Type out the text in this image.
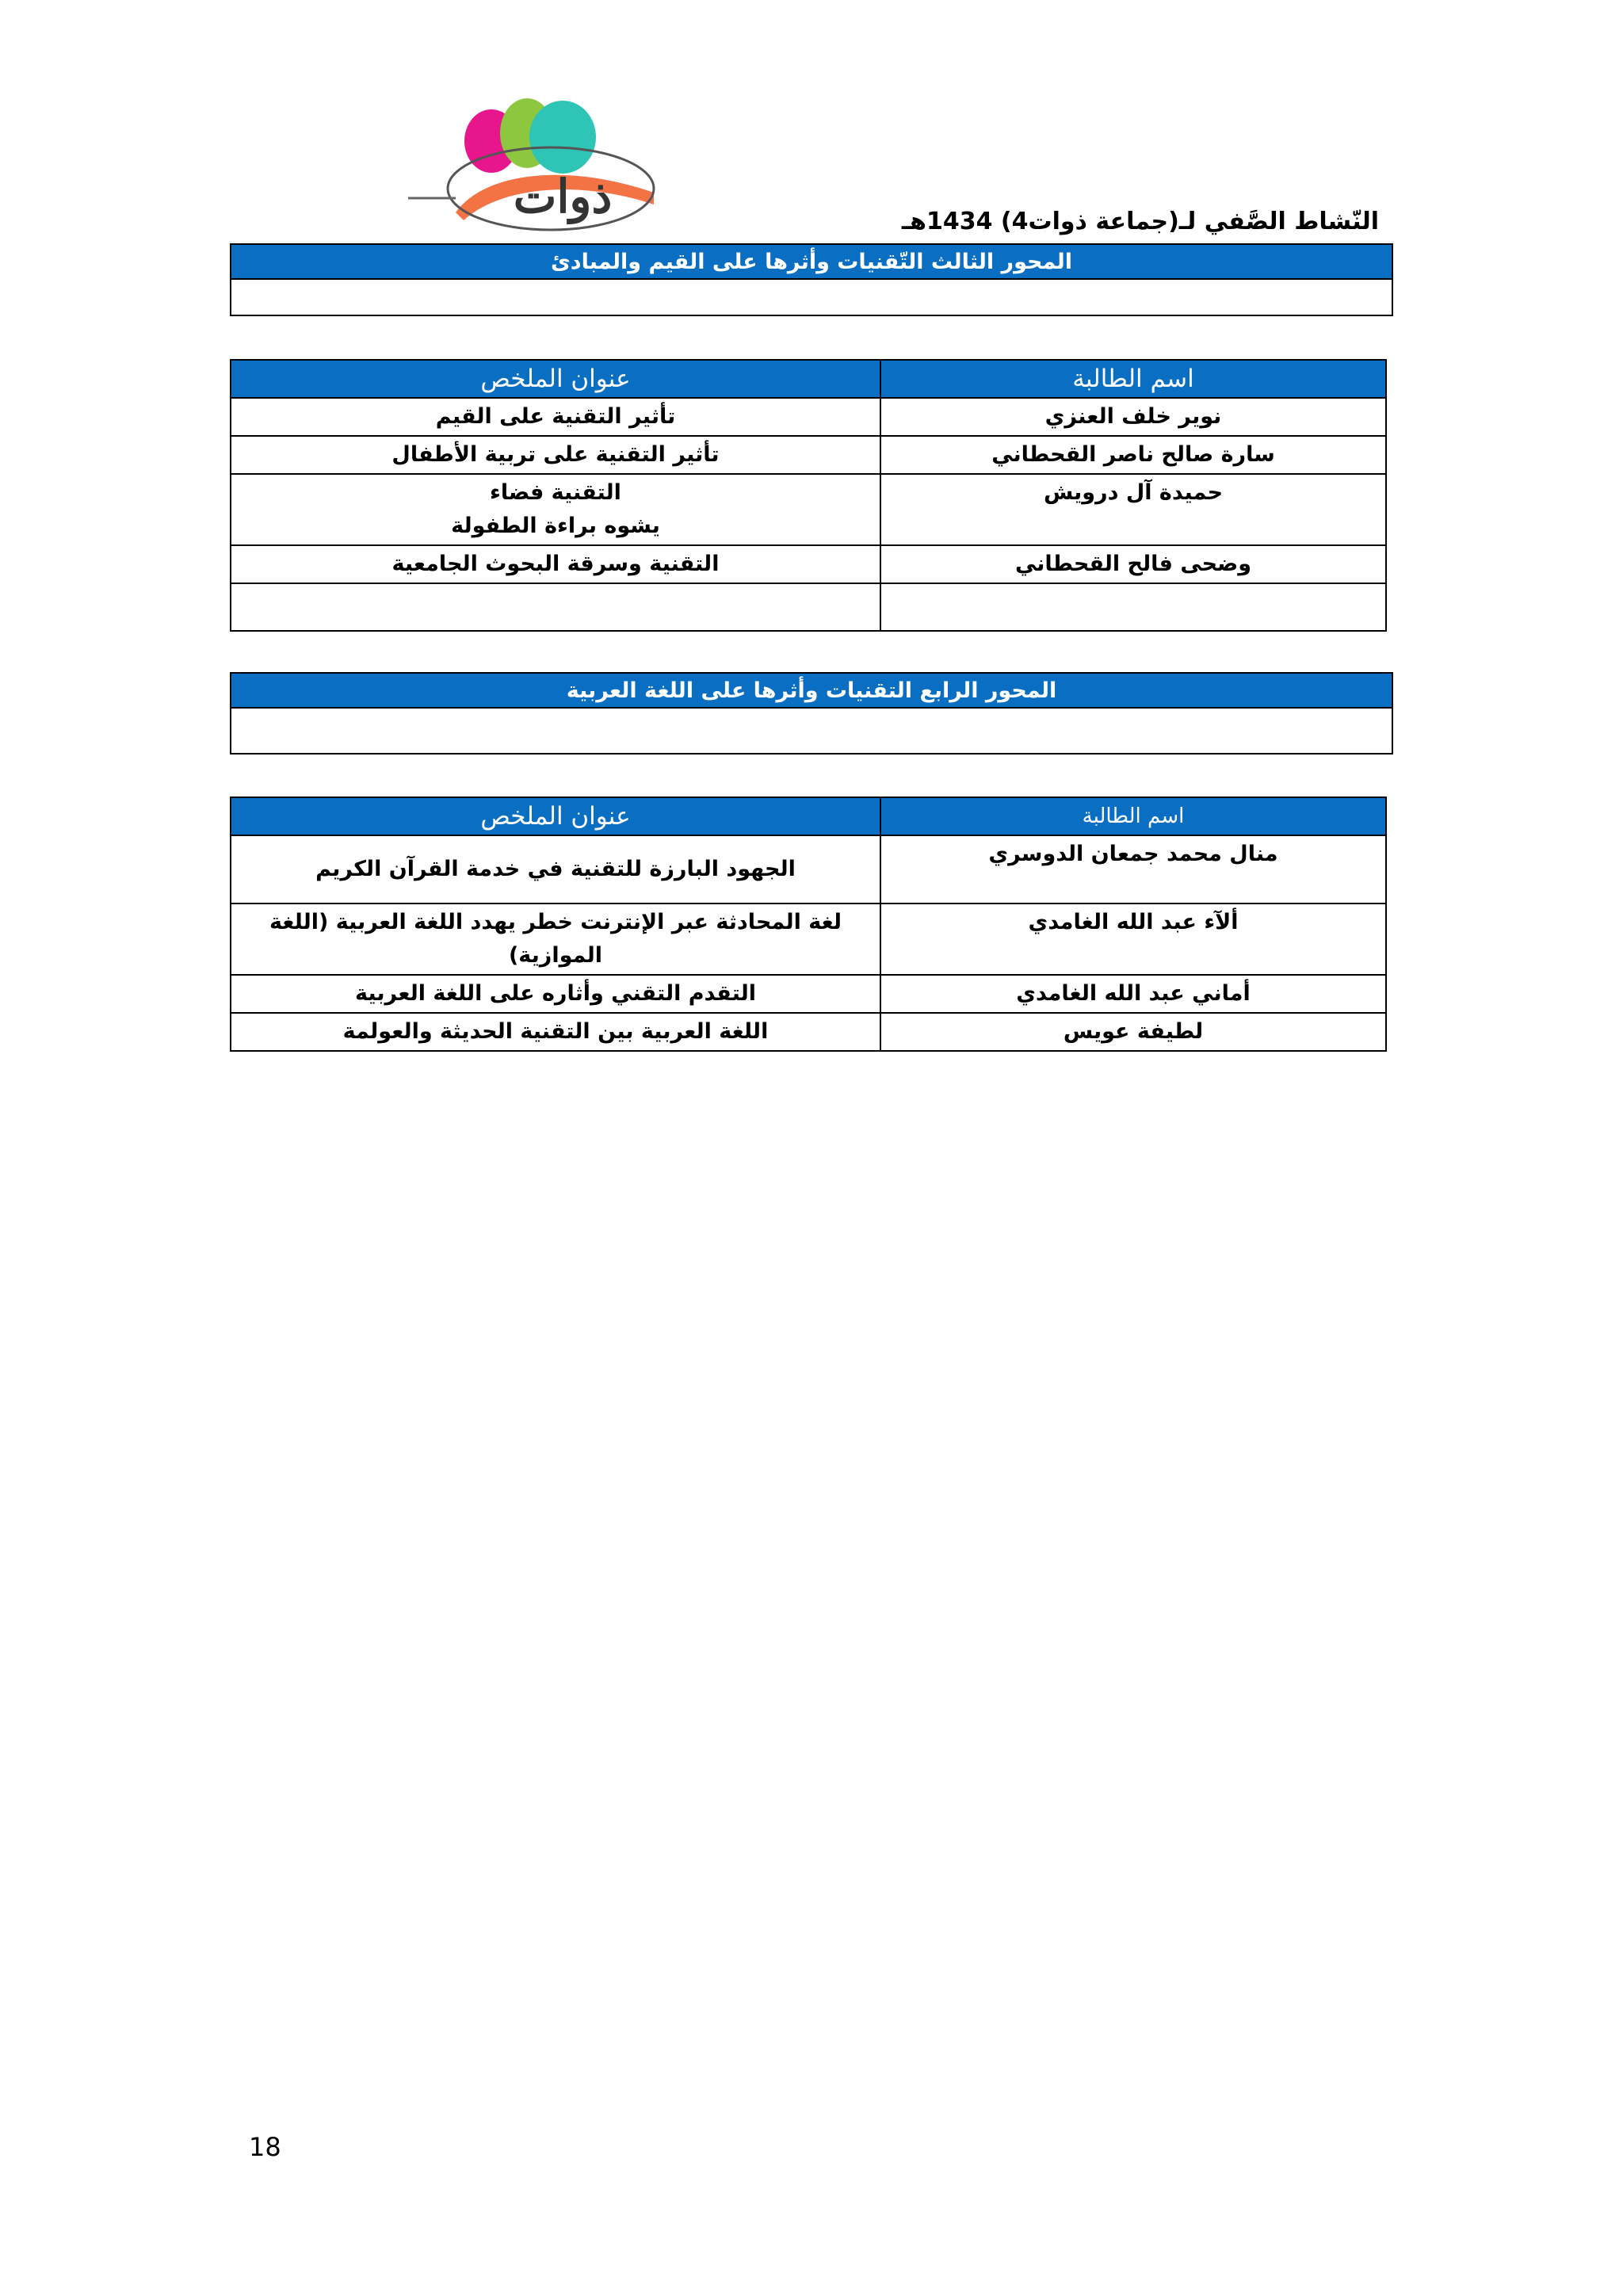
ذوات	النّشاط الصَّفي لـ(جماعة ذوات4) 1434هـ
المحور الثالث التّقنيات وأثرها على القيم والمبادئ

اسم الطالبة	عنوان الملخص
نوير خلف العنزي	تأثير التقنية على القيم
سارة صالح ناصر القحطاني	تأثير التقنية على تربية الأطفال
حميدة آل درويش	التقنية فضاء
يشوه براءة الطفولة

وضحى فالح القحطاني	التقنية وسرقة البحوث الجامعية

المحور الرابع التقنيات وأثرها على اللغة العربية

اسم الطالبة	عنوان الملخص
منال محمد جمعان الدوسري	الجهود البارزة للتقنية في خدمة القرآن الكريم
ألآء عبد الله الغامدي	لغة المحادثة عبر الإنترنت خطر يهدد اللغة العربية (اللغة الموازية)
أماني عبد الله الغامدي	التقدم التقني وأثاره على اللغة العربية
لطيفة عويس	اللغة العربية بين التقنية الحديثة والعولمة
18
